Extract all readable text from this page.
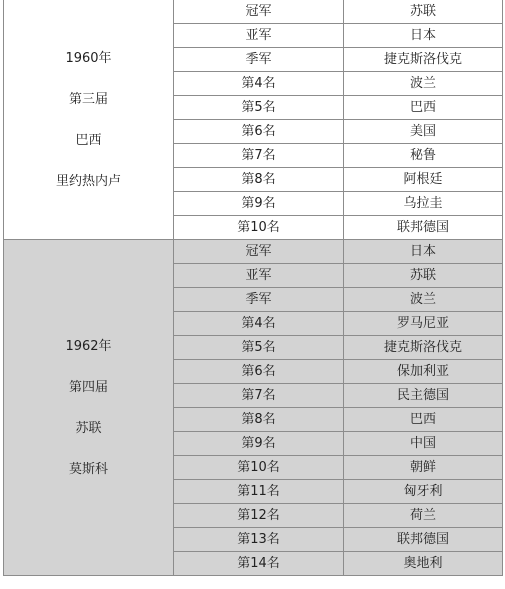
1960年
第三届
巴西
里约热内卢	冠军	苏联
	亚军	日本
	季军	捷克斯洛伐克
	第4名	波兰
	第5名	巴西
	第6名	美国
	第7名	秘鲁
	第8名	阿根廷
	第9名	乌拉圭
	第10名	联邦德国

1962年
第四届
苏联
莫斯科	冠军	日本
	亚军	苏联
	季军	波兰
	第4名	罗马尼亚
	第5名	捷克斯洛伐克
	第6名	保加利亚
	第7名	民主德国
	第8名	巴西
	第9名	中国
	第10名	朝鲜
	第11名	匈牙利
	第12名	荷兰
	第13名	联邦德国
	第14名	奥地利
